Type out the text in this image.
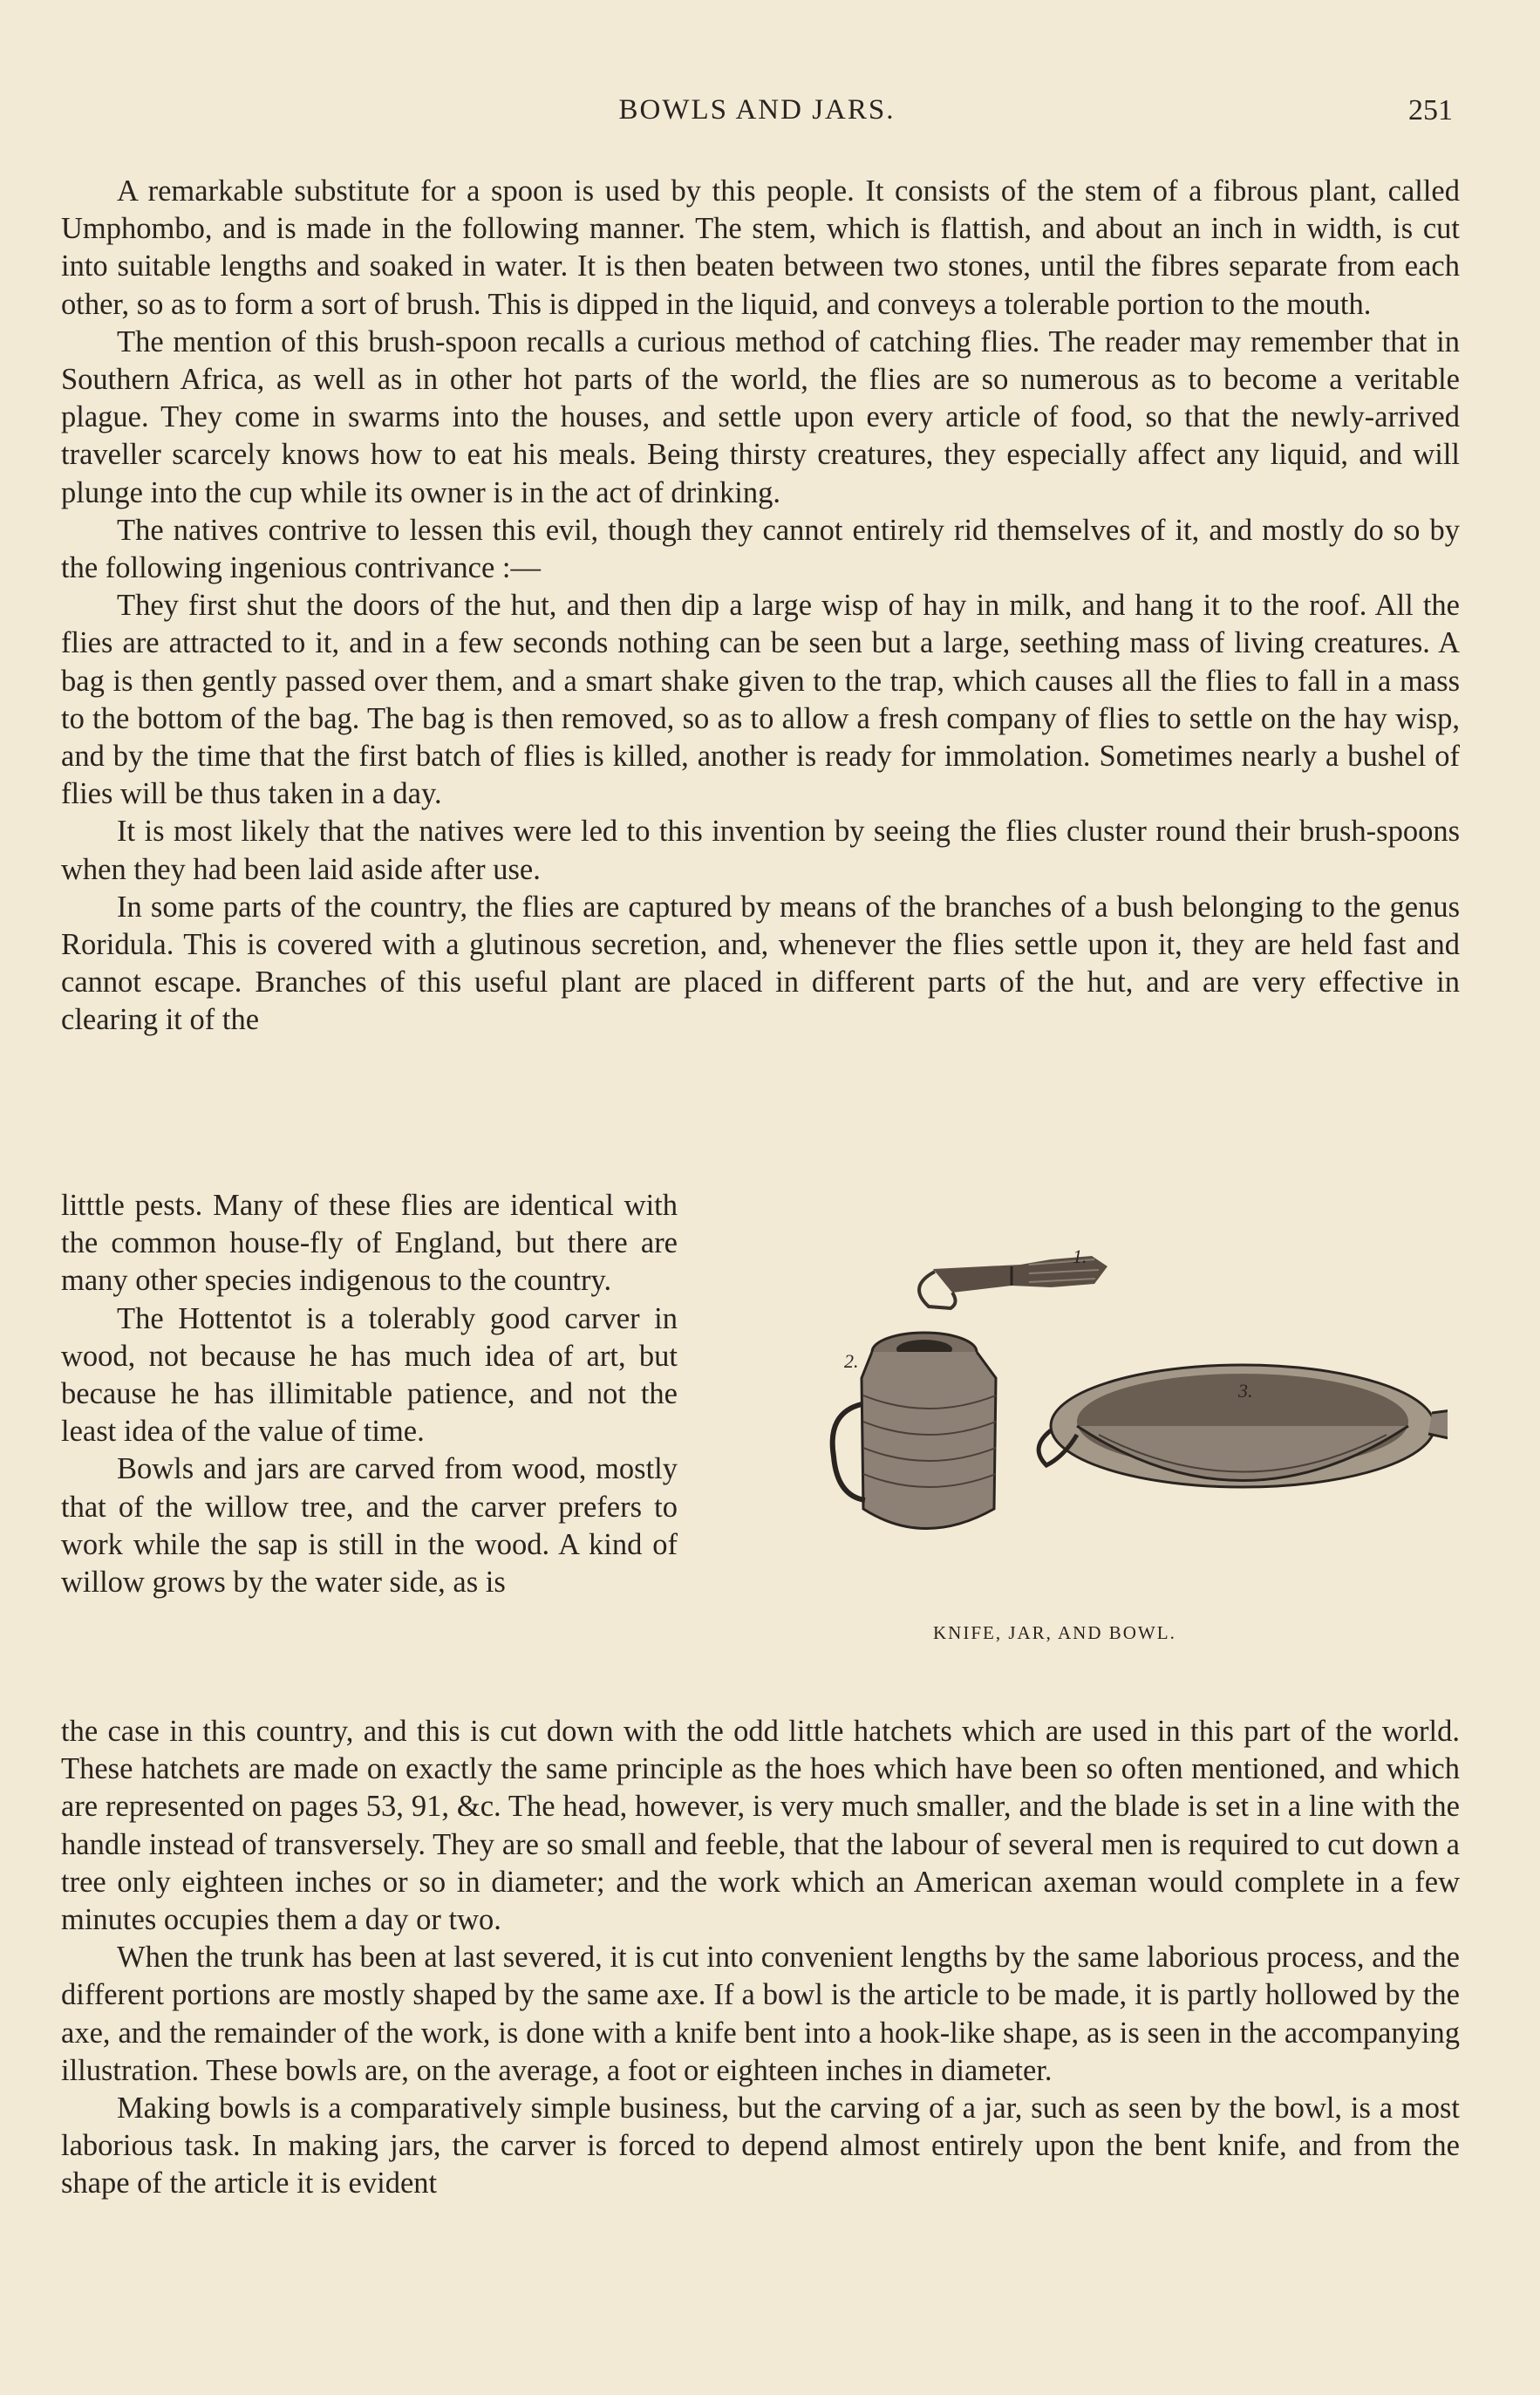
BOWLS AND JARS.	251

A remarkable substitute for a spoon is used by this people. It consists of the stem of a fibrous plant, called Umphombo, and is made in the following manner. The stem, which is flattish, and about an inch in width, is cut into suitable lengths and soaked in water. It is then beaten between two stones, until the fibres separate from each other, so as to form a sort of brush. This is dipped in the liquid, and conveys a tolerable portion to the mouth.

The mention of this brush-spoon recalls a curious method of catching flies. The reader may remember that in Southern Africa, as well as in other hot parts of the world, the flies are so numerous as to become a veritable plague. They come in swarms into the houses, and settle upon every article of food, so that the newly-arrived traveller scarcely knows how to eat his meals. Being thirsty creatures, they especially affect any liquid, and will plunge into the cup while its owner is in the act of drinking.

The natives contrive to lessen this evil, though they cannot entirely rid themselves of it, and mostly do so by the following ingenious contrivance :—

They first shut the doors of the hut, and then dip a large wisp of hay in milk, and hang it to the roof. All the flies are attracted to it, and in a few seconds nothing can be seen but a large, seething mass of living creatures. A bag is then gently passed over them, and a smart shake given to the trap, which causes all the flies to fall in a mass to the bottom of the bag. The bag is then removed, so as to allow a fresh company of flies to settle on the hay wisp, and by the time that the first batch of flies is killed, another is ready for immolation. Sometimes nearly a bushel of flies will be thus taken in a day.

It is most likely that the natives were led to this invention by seeing the flies cluster round their brush-spoons when they had been laid aside after use.

In some parts of the country, the flies are captured by means of the branches of a bush belonging to the genus Roridula. This is covered with a glutinous secretion, and, whenever the flies settle upon it, they are held fast and cannot escape. Branches of this useful plant are placed in different parts of the hut, and are very effective in clearing it of the

litttle pests. Many of these flies are identical with the common house-fly of England, but there are many other species indigenous to the country.

The Hottentot is a tolerably good carver in wood, not because he has much idea of art, but because he has illimitable patience, and not the least idea of the value of time.

Bowls and jars are carved from wood, mostly that of the willow tree, and the carver prefers to work while the sap is still in the wood. A kind of willow grows by the water side, as is

1.
2.
3.
KNIFE, JAR, AND BOWL.

the case in this country, and this is cut down with the odd little hatchets which are used in this part of the world. These hatchets are made on exactly the same principle as the hoes which have been so often mentioned, and which are represented on pages 53, 91, &c. The head, however, is very much smaller, and the blade is set in a line with the handle instead of transversely. They are so small and feeble, that the labour of several men is required to cut down a tree only eighteen inches or so in diameter; and the work which an American axeman would complete in a few minutes occupies them a day or two.

When the trunk has been at last severed, it is cut into convenient lengths by the same laborious process, and the different portions are mostly shaped by the same axe. If a bowl is the article to be made, it is partly hollowed by the axe, and the remainder of the work, is done with a knife bent into a hook-like shape, as is seen in the accompanying illustration. These bowls are, on the average, a foot or eighteen inches in diameter.

Making bowls is a comparatively simple business, but the carving of a jar, such as seen by the bowl, is a most laborious task. In making jars, the carver is forced to depend almost entirely upon the bent knife, and from the shape of the article it is evident
